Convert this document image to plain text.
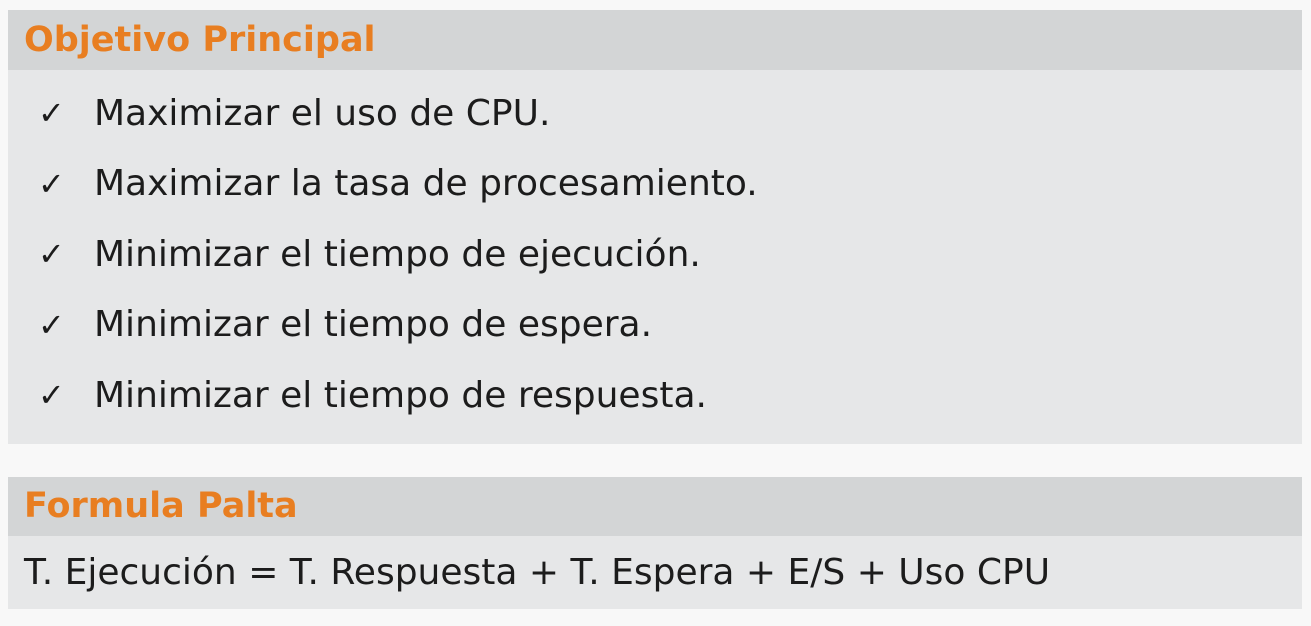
Objetivo Principal
✓ Maximizar el uso de CPU.
✓ Maximizar la tasa de procesamiento.
✓ Minimizar el tiempo de ejecución.
✓ Minimizar el tiempo de espera.
✓ Minimizar el tiempo de respuesta.
Formula Palta
T. Ejecución = T. Respuesta + T. Espera + E/S + Uso CPU
